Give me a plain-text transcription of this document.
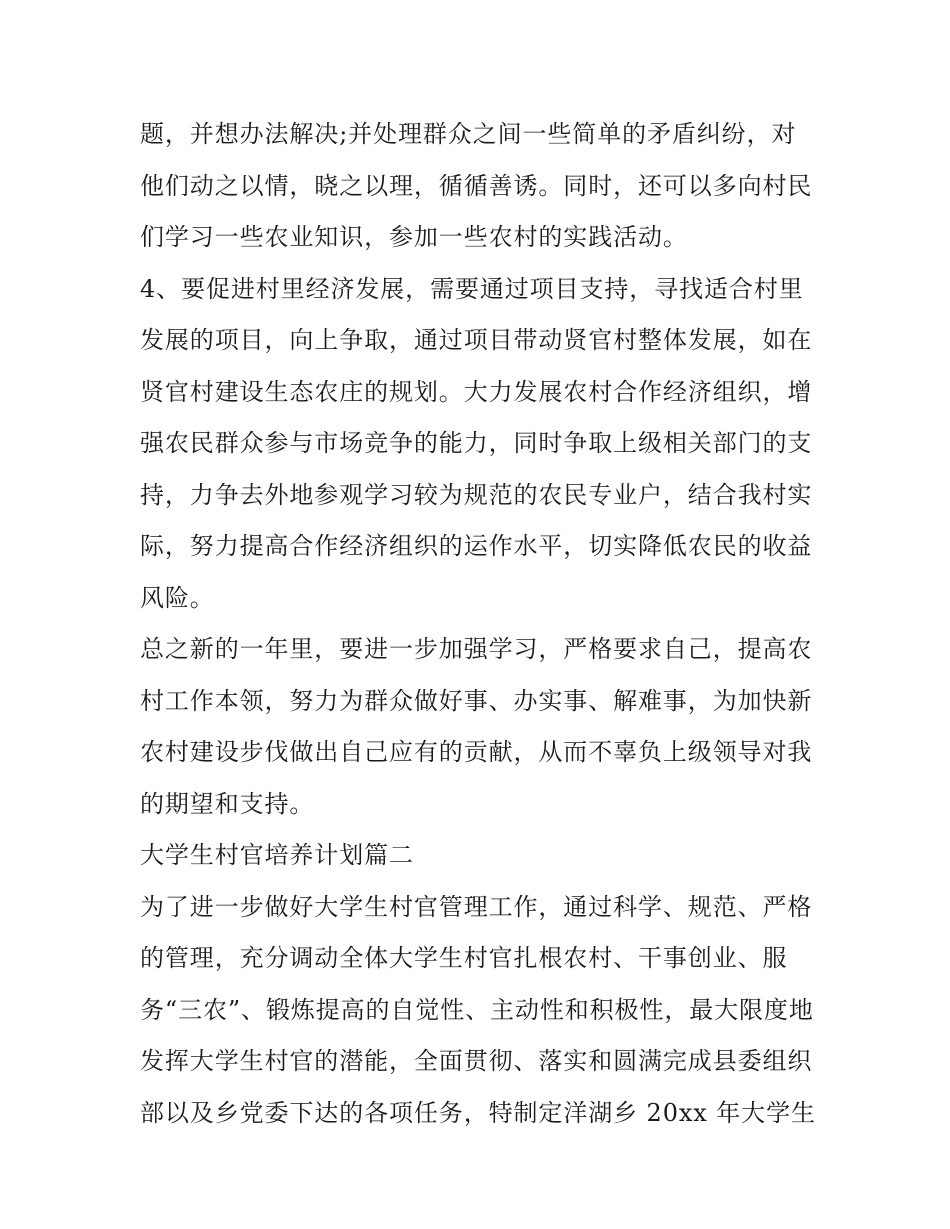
题，并想办法解决;并处理群众之间一些简单的矛盾纠纷，对
他们动之以情，晓之以理，循循善诱。同时，还可以多向村民
们学习一些农业知识，参加一些农村的实践活动。
4、要促进村里经济发展，需要通过项目支持，寻找适合村里
发展的项目，向上争取，通过项目带动贤官村整体发展，如在
贤官村建设生态农庄的规划。大力发展农村合作经济组织，增
强农民群众参与市场竞争的能力，同时争取上级相关部门的支
持，力争去外地参观学习较为规范的农民专业户，结合我村实
际，努力提高合作经济组织的运作水平，切实降低农民的收益
风险。
总之新的一年里，要进一步加强学习，严格要求自己，提高农
村工作本领，努力为群众做好事、办实事、解难事，为加快新
农村建设步伐做出自己应有的贡献，从而不辜负上级领导对我
的期望和支持。
大学生村官培养计划篇二
为了进一步做好大学生村官管理工作，通过科学、规范、严格
的管理，充分调动全体大学生村官扎根农村、干事创业、服
务“三农”、锻炼提高的自觉性、主动性和积极性，最大限度地
发挥大学生村官的潜能，全面贯彻、落实和圆满完成县委组织
部以及乡党委下达的各项任务，特制定洋湖乡 20xx 年大学生
